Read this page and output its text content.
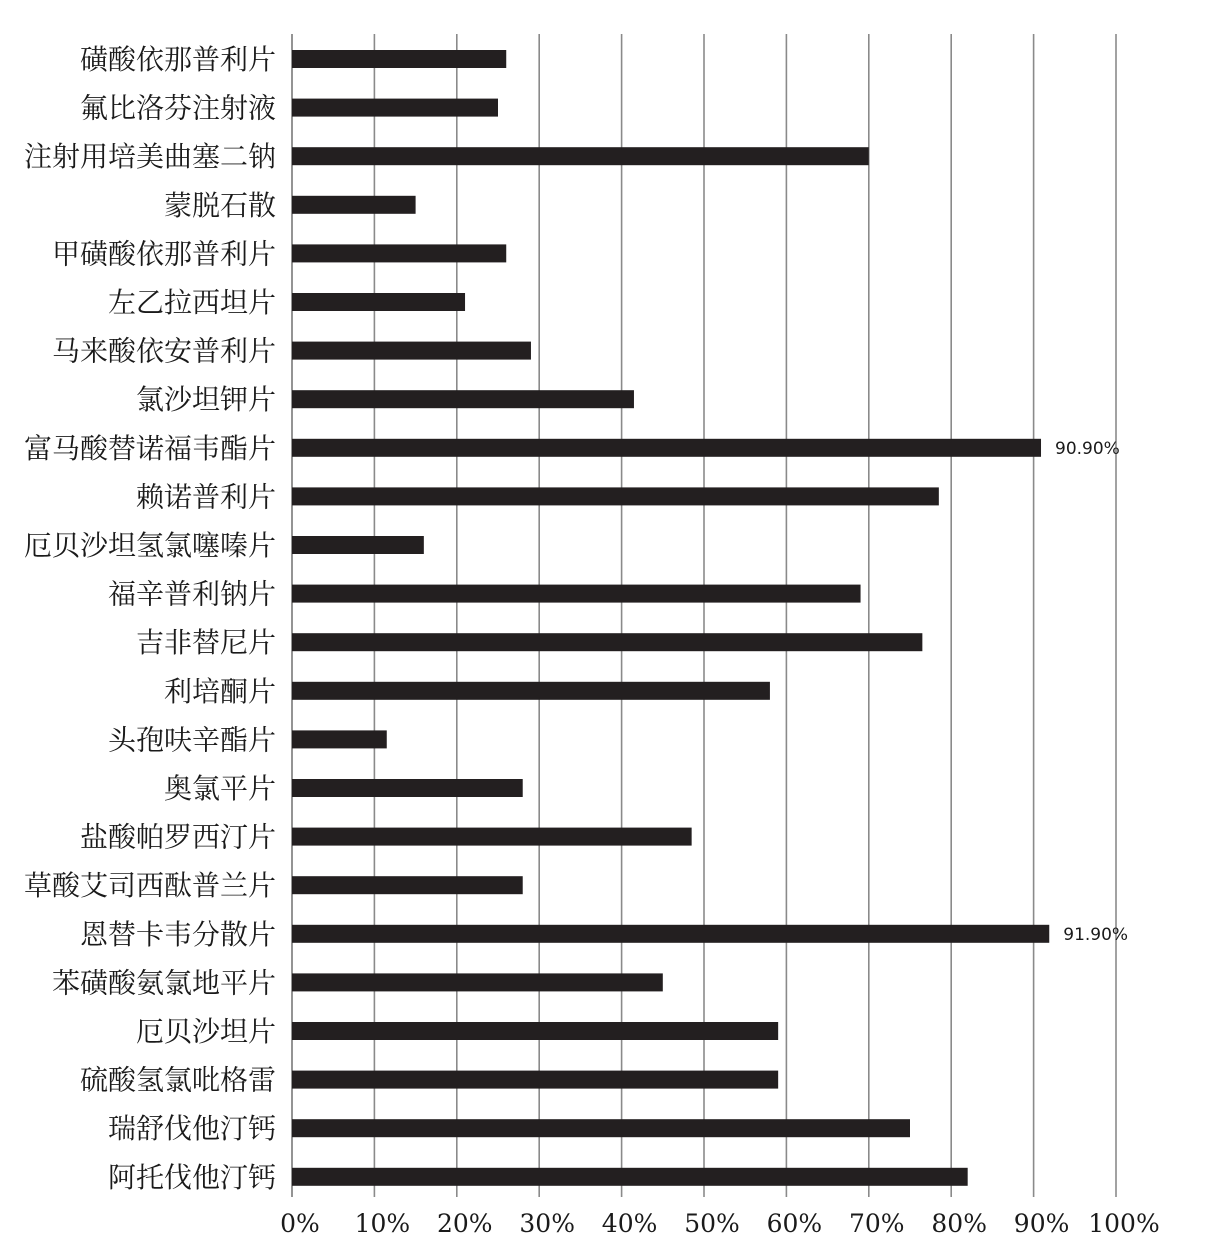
磺酸依那普利片
氟比洛芬注射液
注射用培美曲塞二钠
蒙脱石散
甲磺酸依那普利片
左乙拉西坦片
马来酸依安普利片
氯沙坦钾片
富马酸替诺福韦酯片
赖诺普利片
厄贝沙坦氢氯噻嗪片
福辛普利钠片
吉非替尼片
利培酮片
头孢呋辛酯片
奥氯平片
盐酸帕罗西汀片
草酸艾司西酞普兰片
恩替卡韦分散片
苯磺酸氨氯地平片
厄贝沙坦片
硫酸氢氯吡格雷
瑞舒伐他汀钙
阿托伐他汀钙
0% 10% 20% 30% 40% 50% 60% 70% 80% 90% 100%
90.90%
91.90%
